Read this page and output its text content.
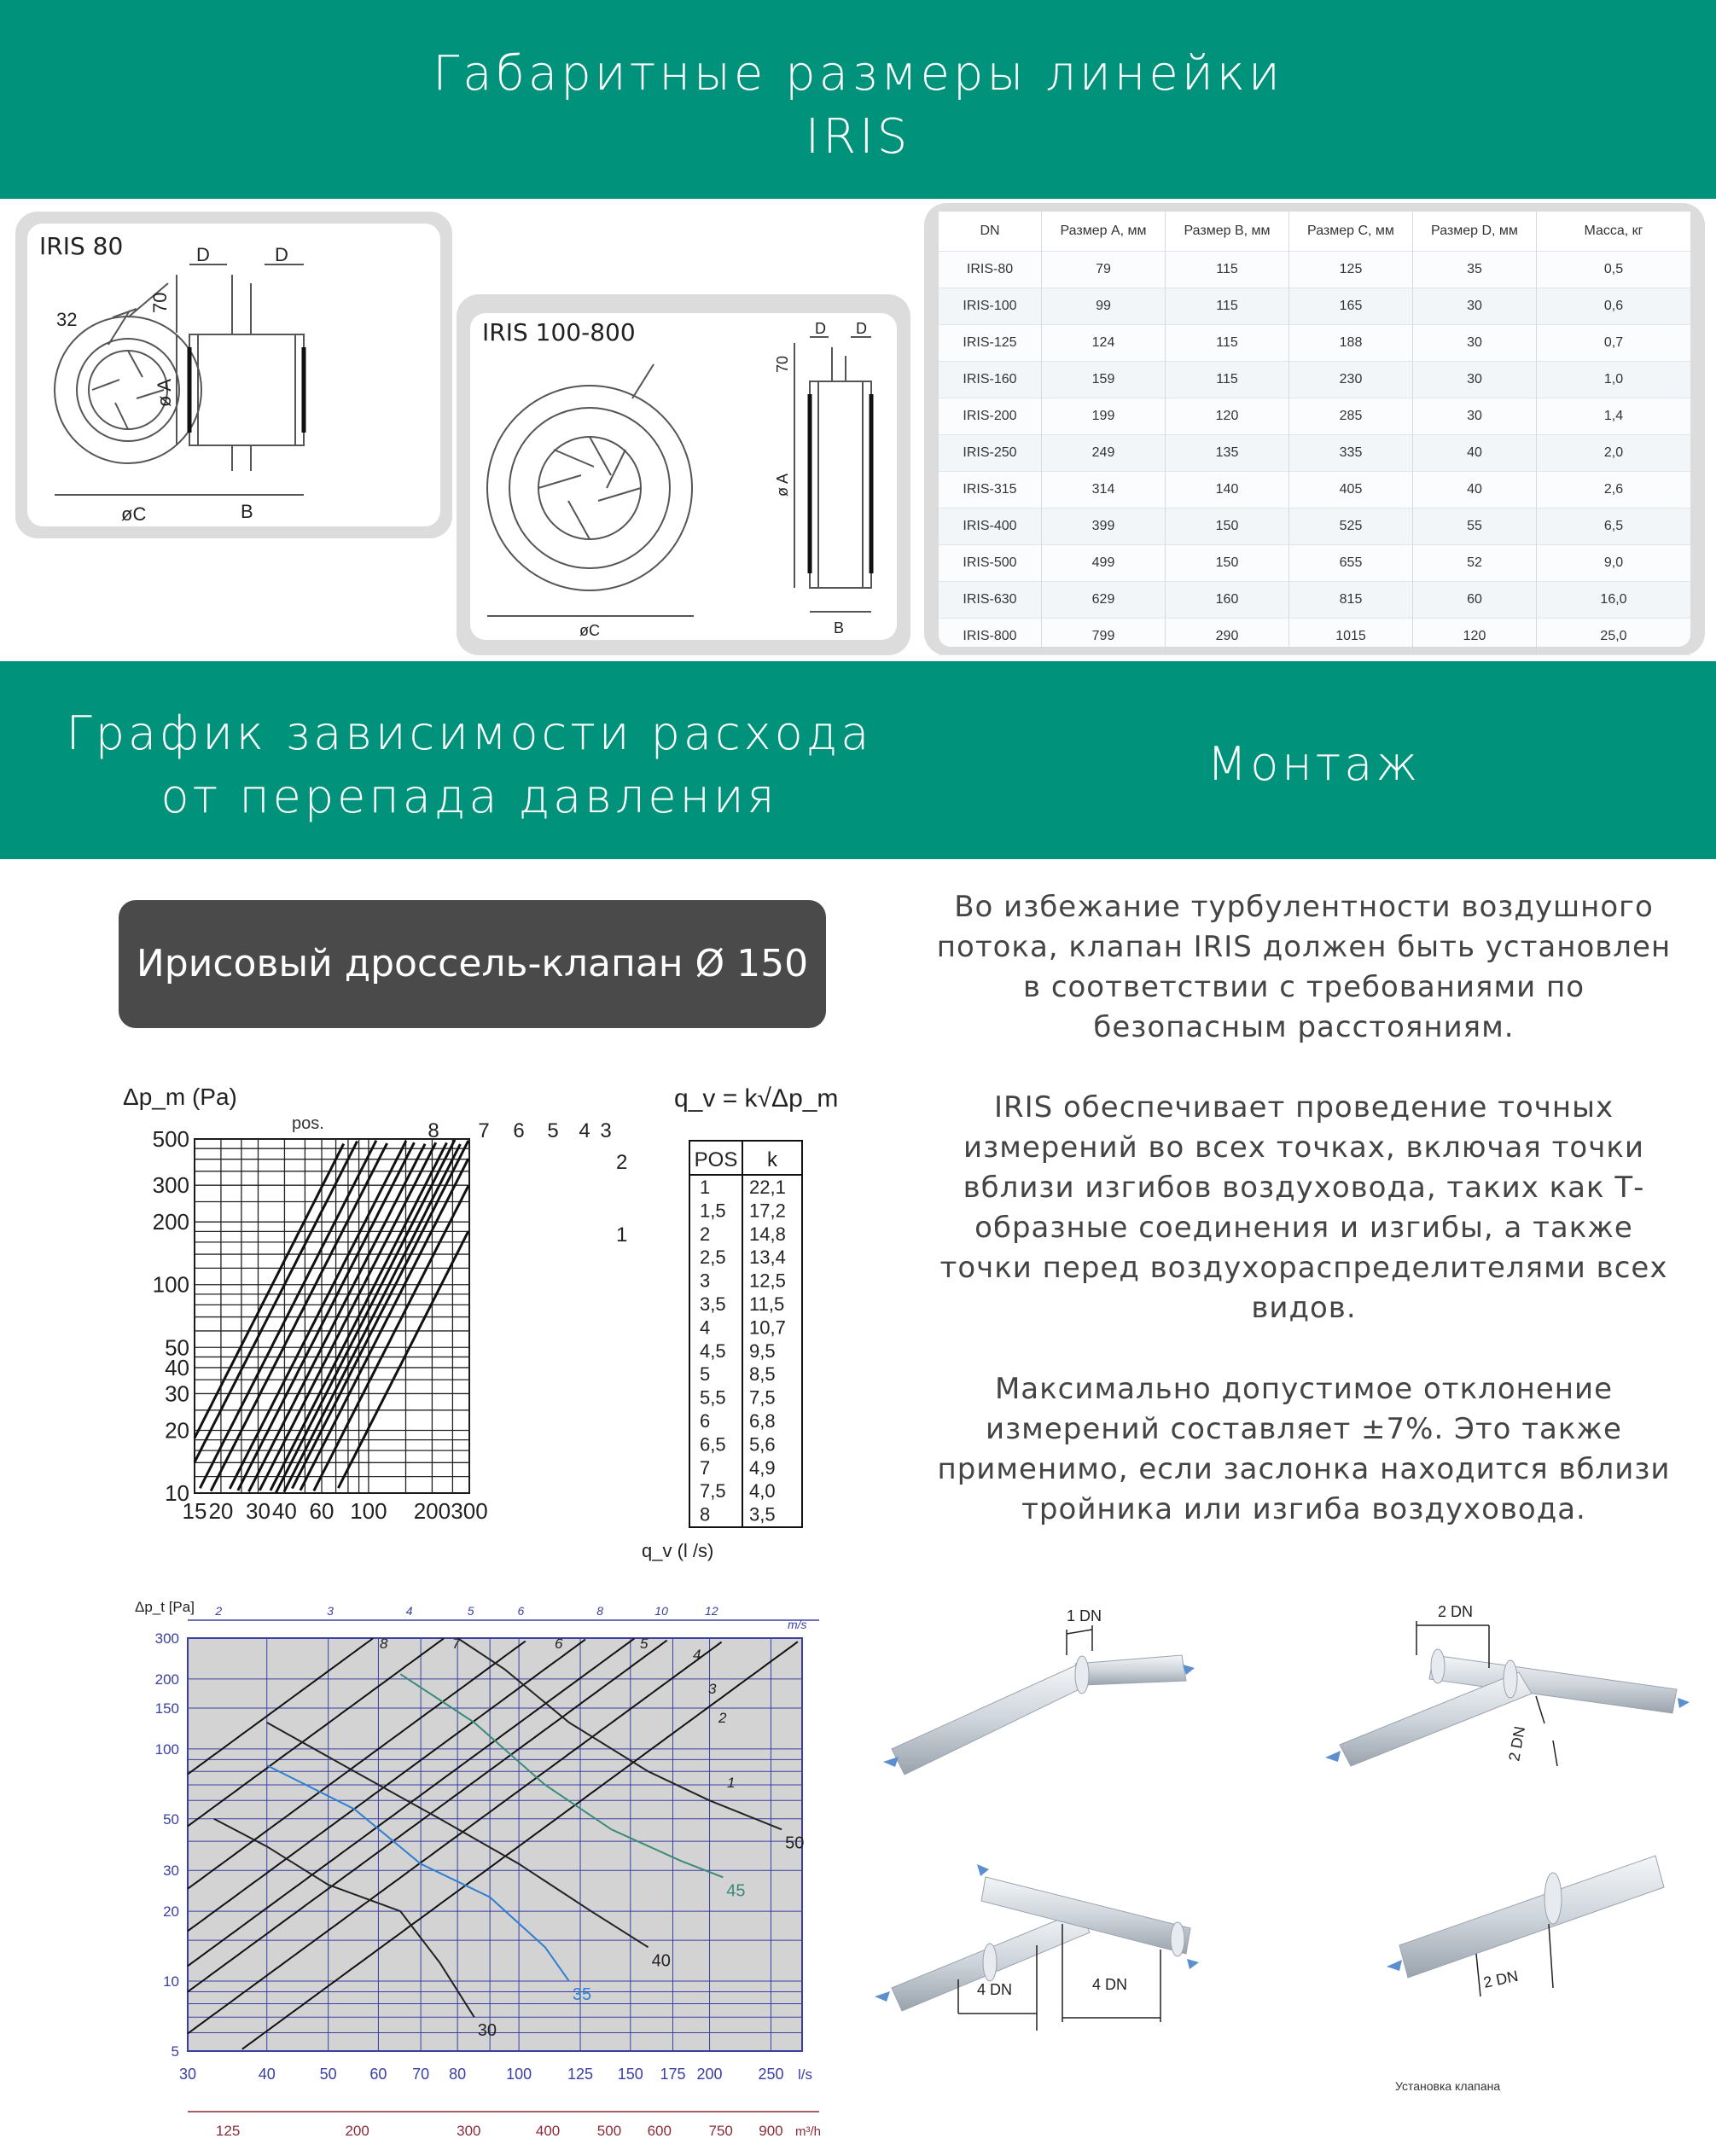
Габаритные размеры линейки
IRIS
IRIS 80
32
70
ø A
øC	B
D	D
IRIS 100-800
70
ø A
øC	B
D D
DN	Размер A, мм	Размер B, мм	Размер C, мм	Размер D, мм	Масса, кг
IRIS-80	79	115	125	35	0,5
IRIS-100	99	115	165	30	0,6
IRIS-125	124	115	188	30	0,7
IRIS-160	159	115	230	30	1,0
IRIS-200	199	120	285	30	1,4
IRIS-250	249	135	335	40	2,0
IRIS-315	314	140	405	40	2,6
IRIS-400	399	150	525	55	6,5
IRIS-500	499	150	655	52	9,0
IRIS-630	629	160	815	60	16,0
IRIS-800	799	290	1015	120	25,0
График зависимости расхода
от перепада давления
Монтаж
Ирисовый дроссель-клапан Ø 150
Δp_m (Pa)
pos.
q_v = k√Δp_m
q_v (l /s)
15 20 30 40 60 100 200 300
10
20
30
40
50
100
200
300
500	8 7 6 5 4 3
2
1
POS k
1 22,1
1,5 17,2
2 14,8
2,5 13,4
3 12,5
3,5 11,5
4 10,7
4,5 9,5
5 8,5
5,5 7,5
6 6,8
6,5 5,6
7 4,9
7,5 4,0
8 3,5
Δp_t [Pa]
m/s
l/s
m³/h
50
45
40
35
30
30	40	50 60 70 80	100 125 150 175 200 250
5
10
20
30
50
100
150
200
300
125	200	300	400	500 600	750 900
2	3	4	5	6	8	10	12
8	7	6	5
4
3
2
1
Во избежание турбулентности воздушного потока, клапан IRIS должен быть установлен в соответствии с требованиями по безопасным расстояниям.
IRIS обеспечивает проведение точных измерений во всех точках, включая точки вблизи изгибов воздуховода, таких как Т-образные соединения и изгибы, а также точки перед воздухораспределителями всех видов.
Максимально допустимое отклонение измерений составляет ±7%. Это также применимо, если заслонка находится вблизи тройника или изгиба воздуховода.
1 DN	2 DN
2 DN
4 DN	4 DN	2 DN
Установка клапана
